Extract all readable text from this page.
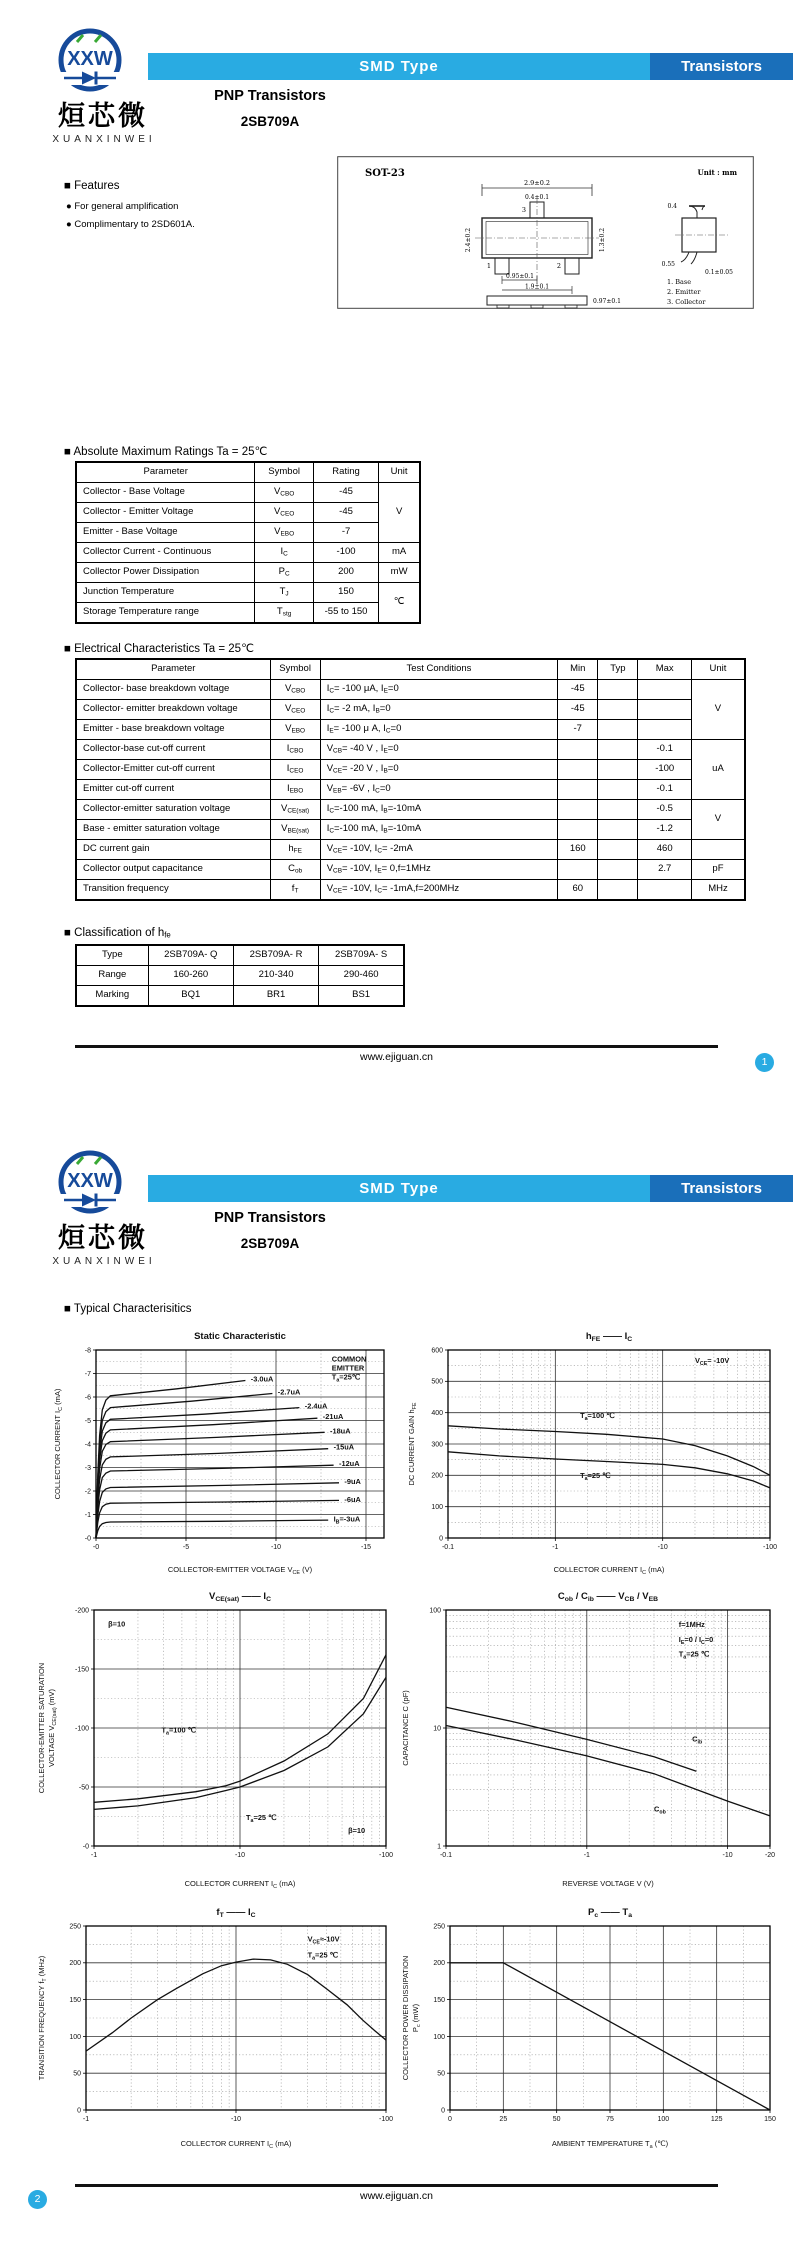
XXW
烜芯微
XUANXINWEI
SMD Type	Transistors
PNP Transistors
2SB709A
■ Features
● For general amplification
● Complimentary to 2SD601A.
SOT-23	Unit : mm
2.9±0.2
0.4±0.1
3
1	2
2.4±0.2	1.3±0.2
0.95±0.1
1.9±0.1
0.4
0.55
0.1±0.05
0.97±0.1
1. Base
2. Emitter
3. Collector
■ Absolute Maximum Ratings Ta = 25℃
Parameter	Symbol	Rating	Unit
Collector - Base Voltage	$V_{CBO}$	-45	V
Collector - Emitter Voltage	$V_{CEO}$	-45	
Emitter - Base Voltage	$V_{EBO}$	-7	
Collector Current - Continuous	$I_C$	-100	mA
Collector Power Dissipation	$P_C$	200	mW
Junction Temperature	$T_J$	150	℃
Storage Temperature range	$T_{stg}$	-55 to 150	
■ Electrical Characteristics Ta = 25℃
Parameter	Symbol	Test Conditions	Min	Typ	Max	Unit
Collector- base breakdown voltage	$V_{CBO}$	$I_C= -100$ μA, $I_E=0$	-45			V
Collector- emitter breakdown voltage	$V_{CEO}$	$I_C= -2$ mA, $I_B=0$	-45			
Emitter - base breakdown voltage	$V_{EBO}$	$I_E= -100$ μ A, $I_C=0$	-7			
Collector-base cut-off current	$I_{CBO}$	$V_{CB}= -40$ V , $I_E=0$			-0.1	uA
Collector-Emitter cut-off current	$I_{CEO}$	$V_{CE}= -20$ V , $I_B=0$			-100	
Emitter cut-off current	$I_{EBO}$	$V_{EB}= -6V$ , $I_C=0$			-0.1	
Collector-emitter saturation voltage	$V_{CE(sat)}$	$I_C=-100$ mA, $I_B=-10mA$			-0.5	V
Base - emitter saturation voltage	$V_{BE(sat)}$	$I_C=-100$ mA, $I_B=-10mA$			-1.2	
DC current gain	$h_{FE}$	$V_{CE}= -10V$, $I_C= -2mA$	160		460	
Collector output capacitance	$C_{ob}$	$V_{CB}= -10V$, $I_E= 0,f=1MHz$			2.7	pF
Transition frequency	$f_T$	$V_{CE}= -10V$, $I_C= -1mA,f=200MHz$	60			MHz
■ Classification of $h_{fe}$
Type	2SB709A- Q	2SB709A- R	2SB709A- S
Range	160-260	210-340	290-460
Marking	BQ1	BR1	BS1
www.ejiguan.cn	1
XXW
烜芯微
XUANXINWEI
SMD Type	Transistors
PNP Transistors
2SB709A
■ Typical Characterisitics
-0	-5	-10	-15
-0
-1
-2
-3
-4
-5
-6
-7
-8
-3.0uA
-2.7uA
-2.4uA
-21uA
-18uA
-15uA
-12uA
-9uA
-6uA
$I_B=-3uA$
COMMON
EMITTER
$T_a=25℃$
Static Characteristic
COLLECTOR-EMITTER VOLTAGE $V_{CE}$ (V)
COLLECTOR CURRENT $I_C$ (mA)
-0.1	-1	-10	-100
0
100
200
300
400
500
600
$T_a=100$ ℃
$T_a=25$ ℃
$V_{CE}= -10V$
$h_{FE}$ —— $I_C$
COLLECTOR CURRENT $I_C$ (mA)
DC CURRENT GAIN $h_{FE}$
-1	-10	-100
-0
-50
-100
-150
-200
$T_a=100$ ℃
$T_a=25$ ℃
β=10
β=10
$V_{CE(sat)}$ —— $I_C$
COLLECTOR CURRENT $I_C$ (mA)
COLLECTOR-EMITTER SATURATION VOLTAGE $V_{CE(sat)}$ (mV)
-0.1	-1	-10	-20
1
10
100
$C_{ib}$
$C_{ob}$
f=1MHz
$I_E=0 / I_C=0$
$T_a=25$ ℃
$C_{ob} / C_{ib}$ —— $V_{CB} / V_{EB}$
REVERSE VOLTAGE V (V)
CAPACITANCE C (pF)
-1	-10	-100
0
50
100
150
200
250
$V_{CE}\approx-10V$
$T_a=25$ ℃
$f_T$ —— $I_C$
COLLECTOR CURRENT $I_C$ (mA)
TRANSITION FREQUENCY $f_T$ (MHz)
0	25	50	75	100	125	150
0
50
100
150
200
250
$P_c$ —— $T_a$
AMBIENT TEMPERATURE $T_a$ (℃)
COLLECTOR POWER DISSIPATION $P_c$ (mW)
www.ejiguan.cn
2
